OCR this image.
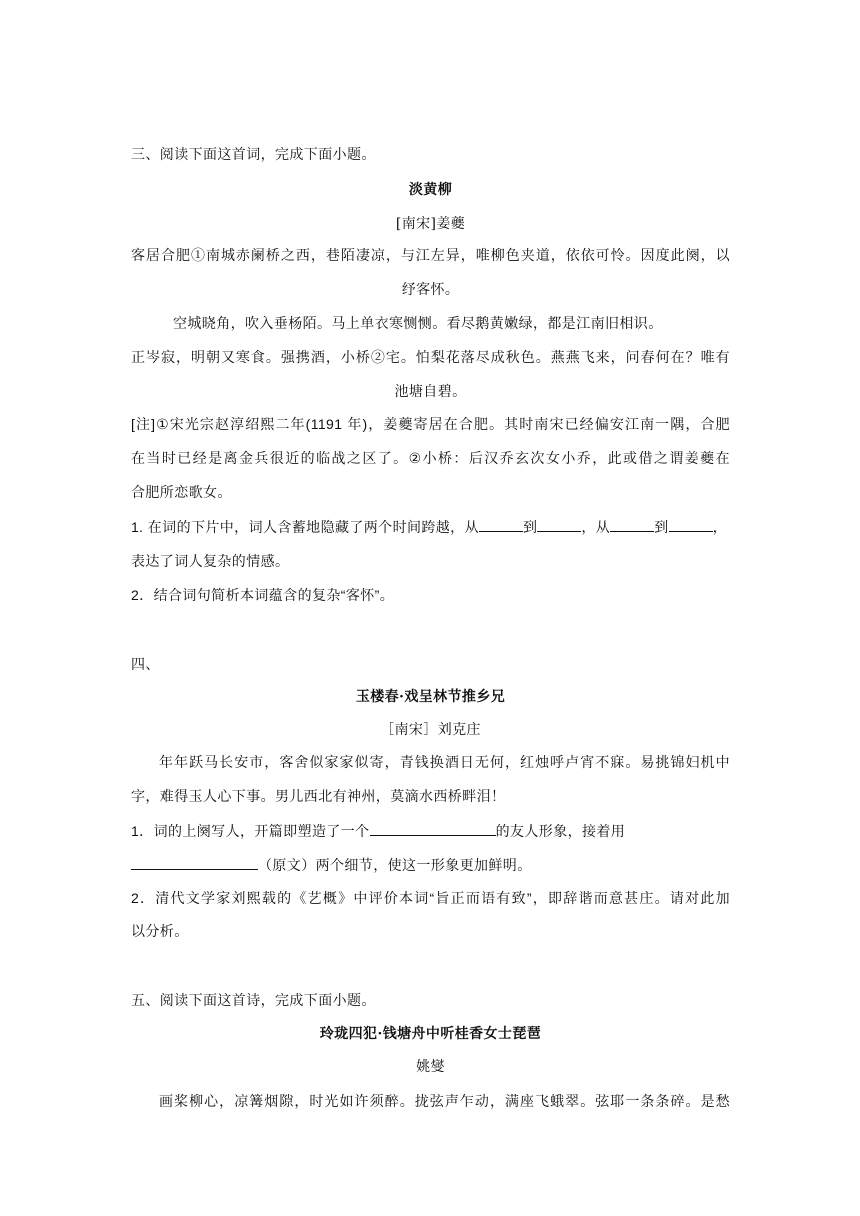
三、阅读下面这首词，完成下面小题。
淡黄柳
[南宋]姜夔
客居合肥①南城赤阑桥之西，巷陌凄凉，与江左异，唯柳色夹道，依依可怜。因度此阕，以
纾客怀。
空城晓角，吹入垂杨陌。马上单衣寒恻恻。看尽鹅黄嫩绿，都是江南旧相识。
正岑寂，明朝又寒食。强携酒，小桥②宅。怕梨花落尽成秋色。燕燕飞来，问春何在？唯有
池塘自碧。
[注]①宋光宗赵淳绍熙二年(1191 年)，姜夔寄居在合肥。其时南宋已经偏安江南一隅，合肥
在当时已经是离金兵很近的临战之区了。②小桥：后汉乔玄次女小乔，此或借之谓姜夔在
合肥所恋歌女。
1. 在词的下片中，词人含蓄地隐藏了两个时间跨越，从	到	，从	到	，
表达了词人复杂的情感。
2．结合词句简析本词蕴含的复杂“客怀”。
四、
玉楼春·戏呈林节推乡兄
［南宋］刘克庄
年年跃马长安市，客舍似家家似寄，青钱换酒日无何，红烛呼卢宵不寐。易挑锦妇机中
字，难得玉人心下事。男儿西北有神州，莫滴水西桥畔泪！
1．词的上阕写人，开篇即塑造了一个	的友人形象，接着用
（原文）两个细节，使这一形象更加鲜明。
2．清代文学家刘熙载的《艺概》中评价本词“旨正而语有致”，即辞谐而意甚庄。请对此加
以分析。
五、阅读下面这首诗，完成下面小题。
玲珑四犯·钱塘舟中听桂香女士琵琶
姚燮
画桨柳心，凉篝烟隙，时光如许须醉。拢弦声乍动，满座飞蛾翠。弦耶一条条碎。是愁
